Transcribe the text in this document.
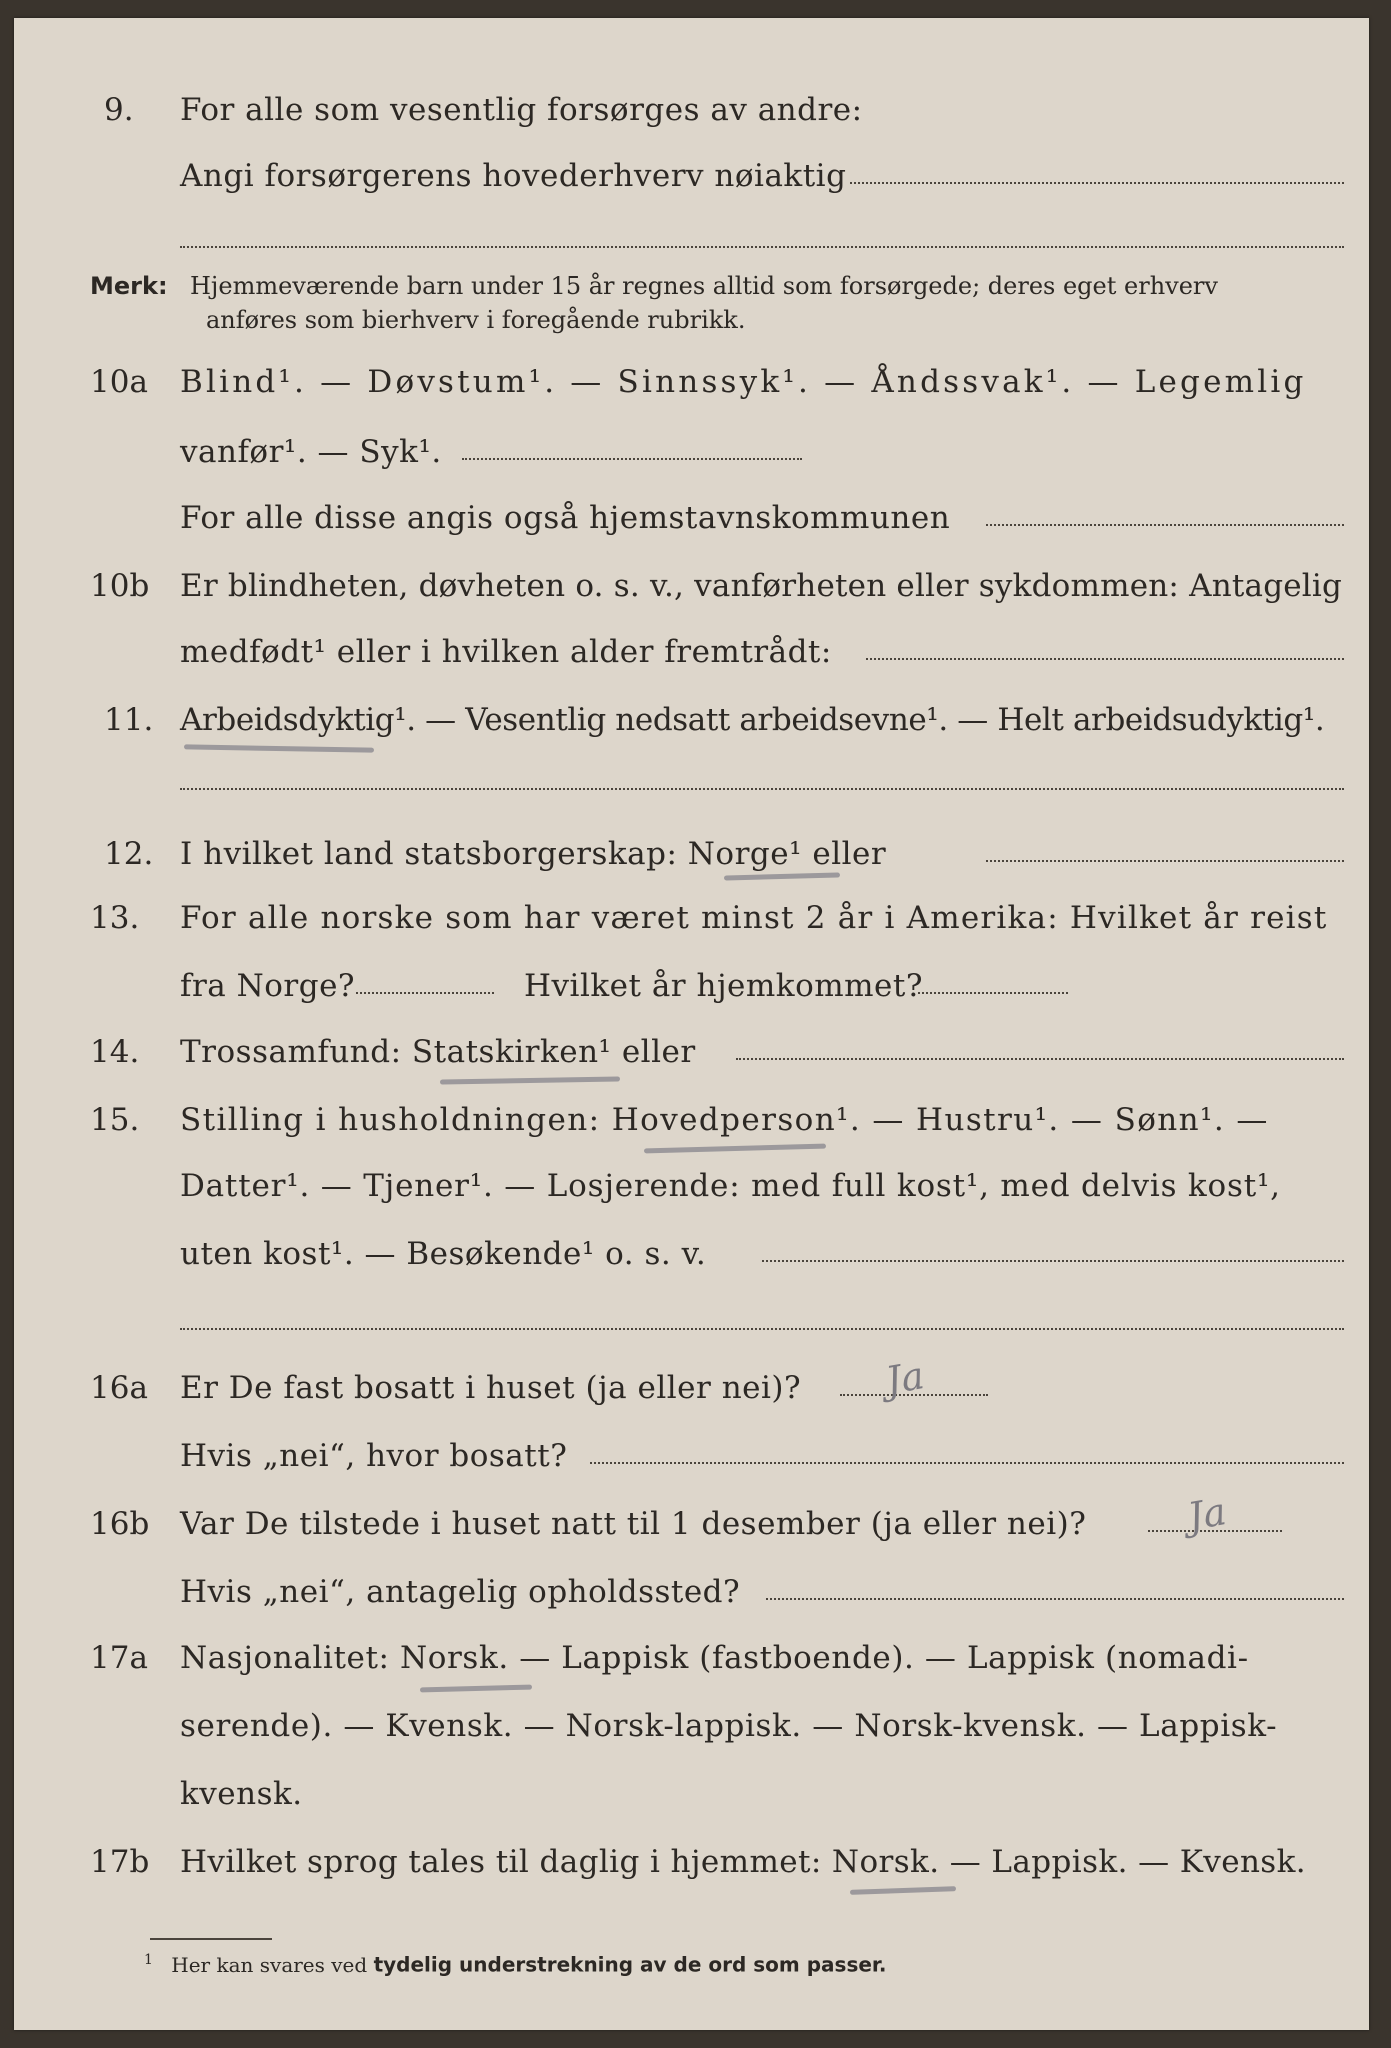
9. For alle som vesentlig forsørges av andre:
Angi forsørgerens hovederhverv nøiaktig
Merk: Hjemmeværende barn under 15 år regnes alltid som forsørgede; deres eget erhverv
anføres som bierhverv i foregående rubrikk.
10a Blind¹. — Døvstum¹. — Sinnssyk¹. — Åndssvak¹. — Legemlig
vanfør¹. — Syk¹.
For alle disse angis også hjemstavnskommunen
10b Er blindheten, døvheten o. s. v., vanførheten eller sykdommen: Antagelig
medfødt¹ eller i hvilken alder fremtrådt:
11. Arbeidsdyktig¹. — Vesentlig nedsatt arbeidsevne¹. — Helt arbeidsudyktig¹.
12. I hvilket land statsborgerskap: Norge¹ eller
13. For alle norske som har været minst 2 år i Amerika: Hvilket år reist
fra Norge?	Hvilket år hjemkommet?
14. Trossamfund: Statskirken¹ eller
15. Stilling i husholdningen: Hovedperson¹. — Hustru¹. — Sønn¹. —
Datter¹. — Tjener¹. — Losjerende: med full kost¹, med delvis kost¹,
uten kost¹. — Besøkende¹ o. s. v.
16a Er De fast bosatt i huset (ja eller nei)? Ja
Hvis „nei“, hvor bosatt?
16b Var De tilstede i huset natt til 1 desember (ja eller nei)?	Ja
Hvis „nei“, antagelig opholdssted?
17a Nasjonalitet: Norsk. — Lappisk (fastboende). — Lappisk (nomadi-
serende). — Kvensk. — Norsk-lappisk. — Norsk-kvensk. — Lappisk-
kvensk.
17b Hvilket sprog tales til daglig i hjemmet: Norsk. — Lappisk. — Kvensk.
$^1$ Her kan svares ved tydelig understrekning av de ord som passer.
